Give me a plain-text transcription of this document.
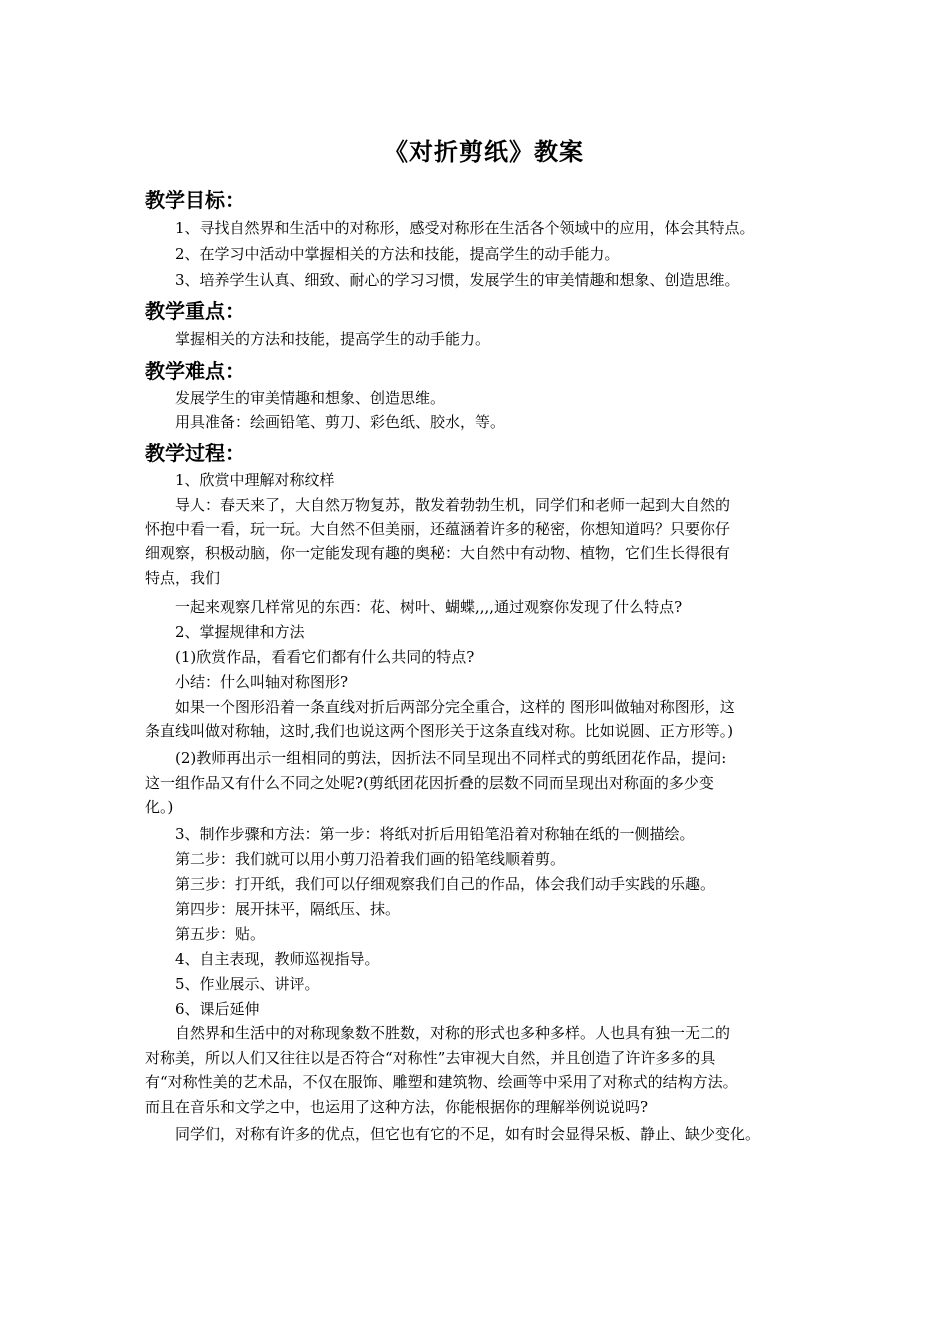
《对折剪纸》教案
教学目标：

1、寻找自然界和生活中的对称形，感受对称形在生活各个领域中的应用，体会其特点。

2、在学习中活动中掌握相关的方法和技能，提高学生的动手能力。

3、培养学生认真、细致、耐心的学习习惯，发展学生的审美情趣和想象、创造思维。

教学重点：

掌握相关的方法和技能，提高学生的动手能力。

教学难点：

发展学生的审美情趣和想象、创造思维。

用具准备：绘画铅笔、剪刀、彩色纸、胶水，等。

教学过程：

1、欣赏中理解对称纹样

导人：春天来了，大自然万物复苏，散发着勃勃生机，同学们和老师一起到大自然的

怀抱中看一看，玩一玩。大自然不但美丽，还蕴涵着许多的秘密，你想知道吗？只要你仔

细观察，积极动脑，你一定能发现有趣的奥秘：大自然中有动物、植物，它们生长得很有

特点，我们

一起来观察几样常见的东西：花、树叶、蝴蝶,,,,通过观察你发现了什么特点?

2、掌握规律和方法

(1)欣赏作品，看看它们都有什么共同的特点?

小结：什么叫轴对称图形?

如果一个图形沿着一条直线对折后两部分完全重合，这样的 图形叫做轴对称图形，这

条直线叫做对称轴，这时,我们也说这两个图形关于这条直线对称。比如说圆、正方形等。)

(2)教师再出示一组相同的剪法，因折法不同呈现出不同样式的剪纸团花作品，提问:

这一组作品又有什么不同之处呢?(剪纸团花因折叠的层数不同而呈现出对称面的多少变

化。)

3、制作步骤和方法：第一步：将纸对折后用铅笔沿着对称轴在纸的一侧描绘。

第二步：我们就可以用小剪刀沿着我们画的铅笔线顺着剪。

第三步：打开纸，我们可以仔细观察我们自己的作品，体会我们动手实践的乐趣。

第四步：展开抹平，隔纸压、抹。

第五步：贴。

4、自主表现，教师巡视指导。

5、作业展示、讲评。

6、课后延伸

自然界和生活中的对称现象数不胜数，对称的形式也多种多样。人也具有独一无二的

对称美，所以人们又往往以是否符合“对称性”去审视大自然，并且创造了许许多多的具

有“对称性美的艺术品，不仅在服饰、雕塑和建筑物、绘画等中采用了对称式的结构方法。

而且在音乐和文学之中，也运用了这种方法，你能根据你的理解举例说说吗?

同学们，对称有许多的优点，但它也有它的不足，如有时会显得呆板、静止、缺少变化。
